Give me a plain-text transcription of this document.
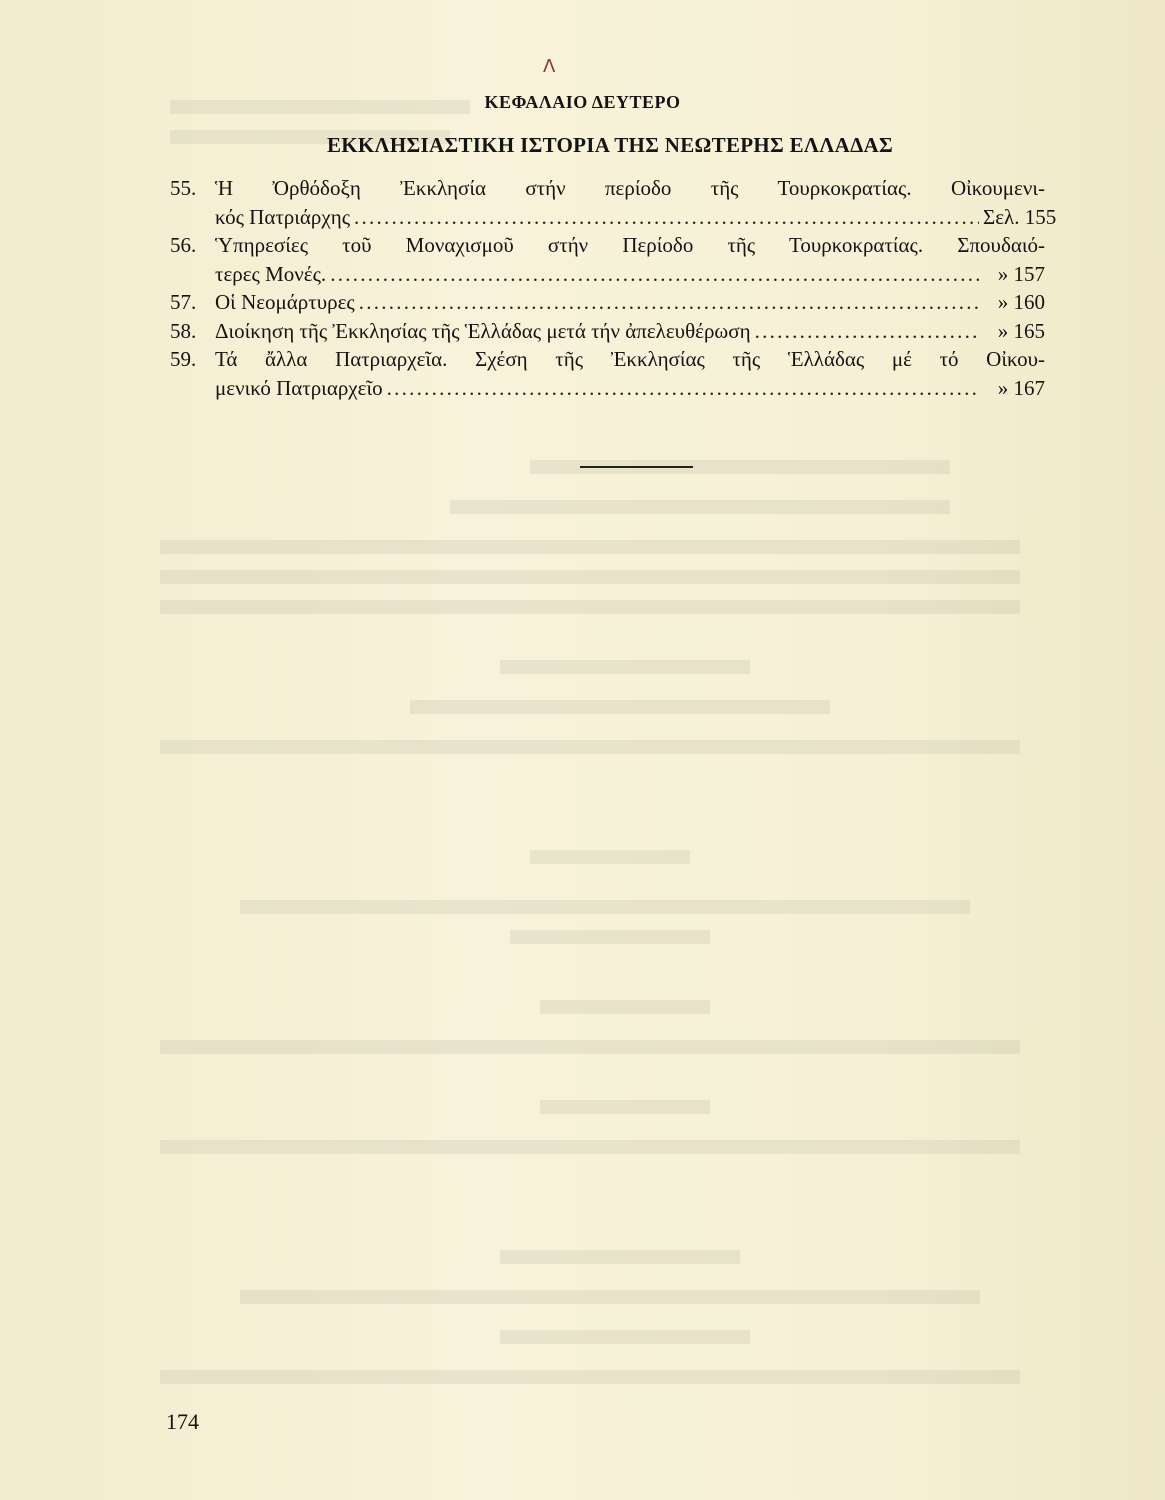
Λ
ΚΕΦΑΛΑΙΟ ΔΕΥΤΕΡΟ
ΕΚΚΛΗΣΙΑΣΤΙΚΗ ΙΣΤΟΡΙΑ ΤΗΣ ΝΕΩΤΕΡΗΣ ΕΛΛΑΔΑΣ
55. Ἡ Ὀρθόδοξη Ἐκκλησία στήν περίοδο τῆς Τουρκοκρατίας. Οἰκουμενι-
κός Πατριάρχης . . .	Σελ. 155
56. Ὑπηρεσίες τοῦ Μοναχισμοῦ στήν Περίοδο τῆς Τουρκοκρατίας. Σπουδαιό-
τερες Μονές. . . .	» 157
57. Οἱ Νεομάρτυρες . . .	» 160
58. Διοίκηση τῆς Ἐκκλησίας τῆς Ἑλλάδας μετά τήν ἀπελευθέρωση . . .	» 165
59. Τά ἄλλα Πατριαρχεῖα. Σχέση τῆς Ἐκκλησίας τῆς Ἑλλάδας μέ τό Οἰκου-
μενικό Πατριαρχεῖο . . .	» 167
174
